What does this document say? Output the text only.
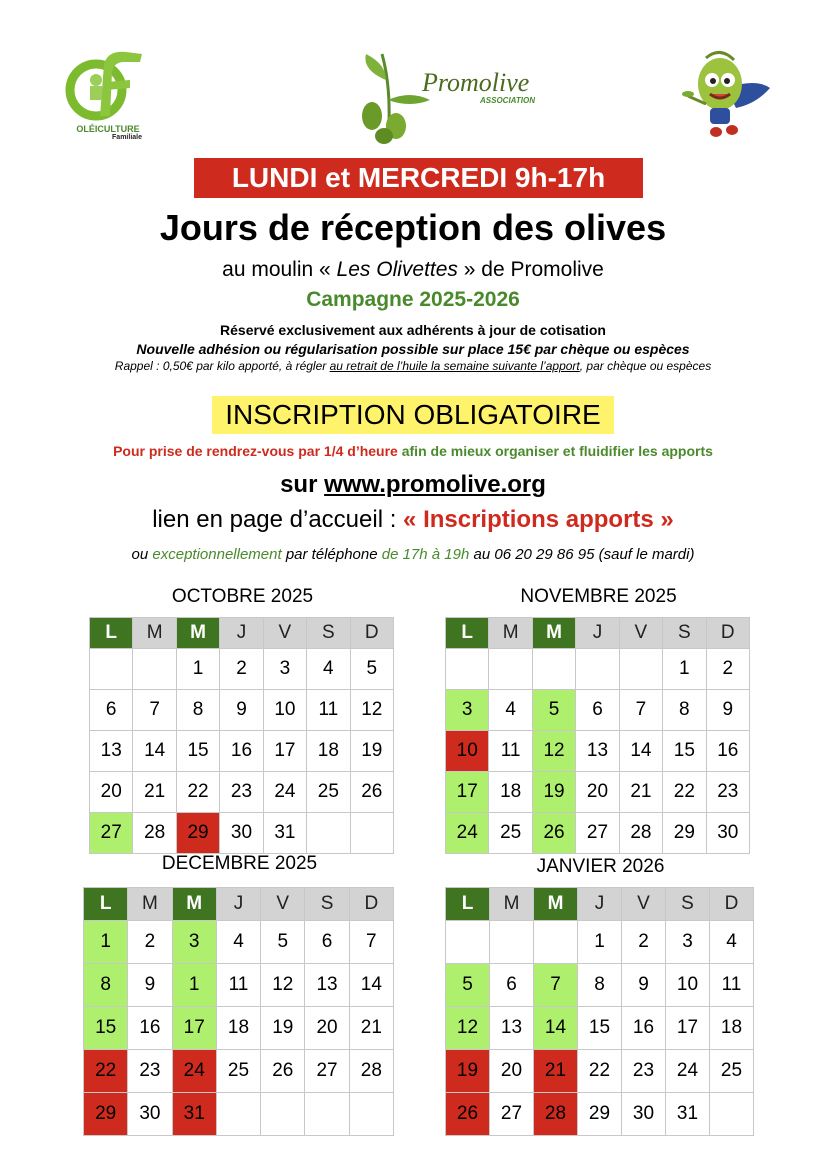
OLÉICULTURE
Familiale
Promolive
ASSOCIATION
LUNDI et MERCREDI 9h-17h
Jours de réception des olives
au moulin « Les Olivettes » de Promolive
Campagne 2025-2026
Réservé exclusivement aux adhérents à jour de cotisation
Nouvelle adhésion ou régularisation possible sur place 15€ par chèque ou espèces
Rappel : 0,50€ par kilo apporté, à régler au retrait de l’huile la semaine suivante l’apport, par chèque ou espèces
INSCRIPTION OBLIGATOIRE
Pour prise de rendrez-vous par 1/4 d’heure afin de mieux organiser et fluidifier les apports
sur www.promolive.org
lien en page d’accueil : « Inscriptions apports »
ou exceptionnellement par téléphone de 17h à 19h au 06 20 29 86 95 (sauf le mardi)
OCTOBRE 2025
L	M	M	J	V	S	D
		1	2	3	4	5
6	7	8	9	10	11	12
13	14	15	16	17	18	19
20	21	22	23	24	25	26
27	28	29	30	31		
NOVEMBRE 2025
L	M	M	J	V	S	D
					1	2
3	4	5	6	7	8	9
10	11	12	13	14	15	16
17	18	19	20	21	22	23
24	25	26	27	28	29	30
DECEMBRE 2025
L	M	M	J	V	S	D
1	2	3	4	5	6	7
8	9	1	11	12	13	14
15	16	17	18	19	20	21
22	23	24	25	26	27	28
29	30	31				
JANVIER 2026
L	M	M	J	V	S	D
			1	2	3	4
5	6	7	8	9	10	11
12	13	14	15	16	17	18
19	20	21	22	23	24	25
26	27	28	29	30	31	
